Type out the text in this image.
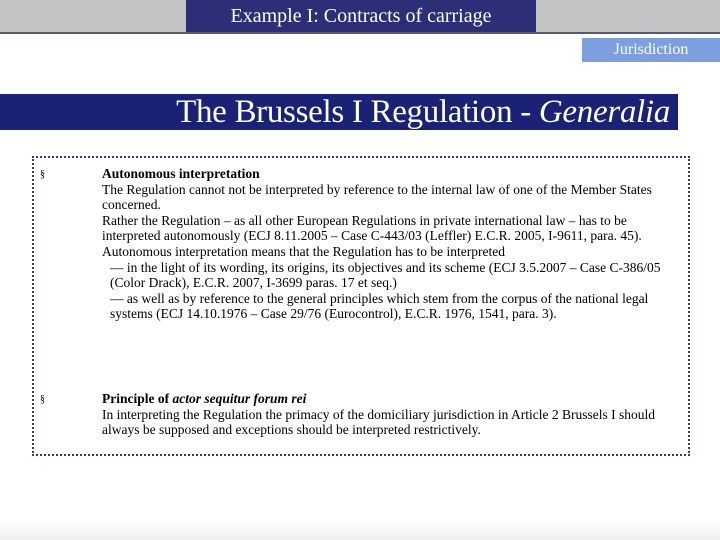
Example I: Contracts of carriage
Jurisdiction
The Brussels I Regulation - Generalia
§	Autonomous interpretation

The Regulation cannot not be interpreted by reference to the internal law of one of the Member States concerned.

Rather the Regulation – as all other European Regulations in private international law – has to be interpreted autonomously (ECJ 8.11.2005 – Case C-443/03 (Leffler) E.C.R. 2005, I-9611, para. 45).

Autonomous interpretation means that the Regulation has to be interpreted

— in the light of its wording, its origins, its objectives and its scheme (ECJ 3.5.2007 – Case C-386/05 (Color Drack), E.C.R. 2007, I-3699 paras. 17 et seq.)

— as well as by reference to the general principles which stem from the corpus of the national legal systems (ECJ 14.10.1976 – Case 29/76 (Eurocontrol), E.C.R. 1976, 1541, para. 3).

§	Principle of actor sequitur forum rei

In interpreting the Regulation the primacy of the domiciliary jurisdiction in Article 2 Brussels I should always be supposed and exceptions should be interpreted restrictively.
